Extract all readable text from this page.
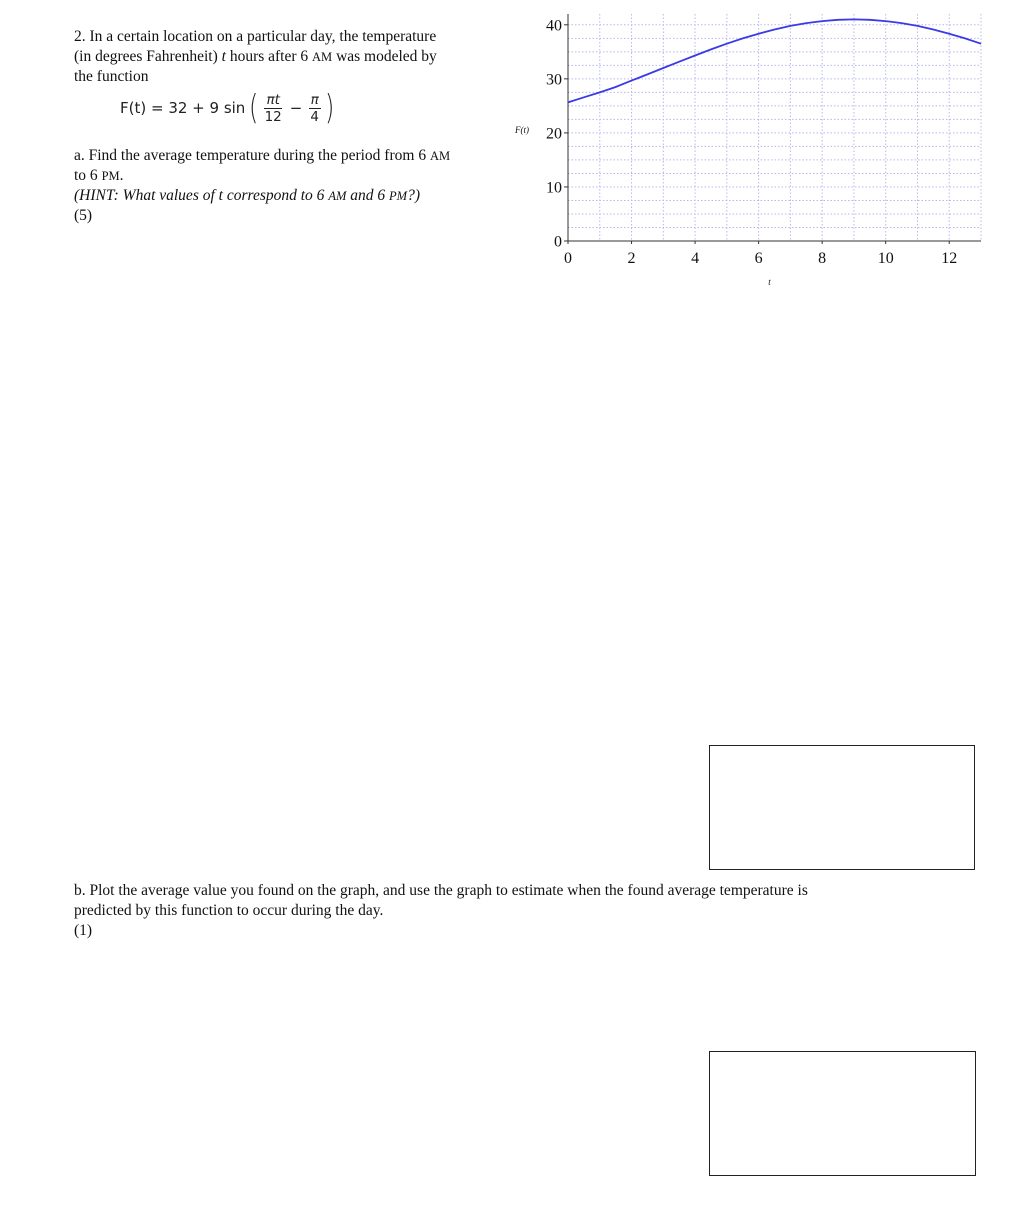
2. In a certain location on a particular day, the temperature
(in degrees Fahrenheit) t hours after 6 AM was modeled by
the function
F(t) = 32 + 9 sin ( $\frac{\pi t}{12} - \frac{\pi}{4}$ )
a. Find the average temperature during the period from 6 AM
to 6 PM.
(HINT: What values of t correspond to 6 AM and 6 PM?)
(5)
0
10
20
30
40
0	2	4	6	8	10	12
t
F(t)
b. Plot the average value you found on the graph, and use the graph to estimate when the found average temperature is
predicted by this function to occur during the day.
(1)
